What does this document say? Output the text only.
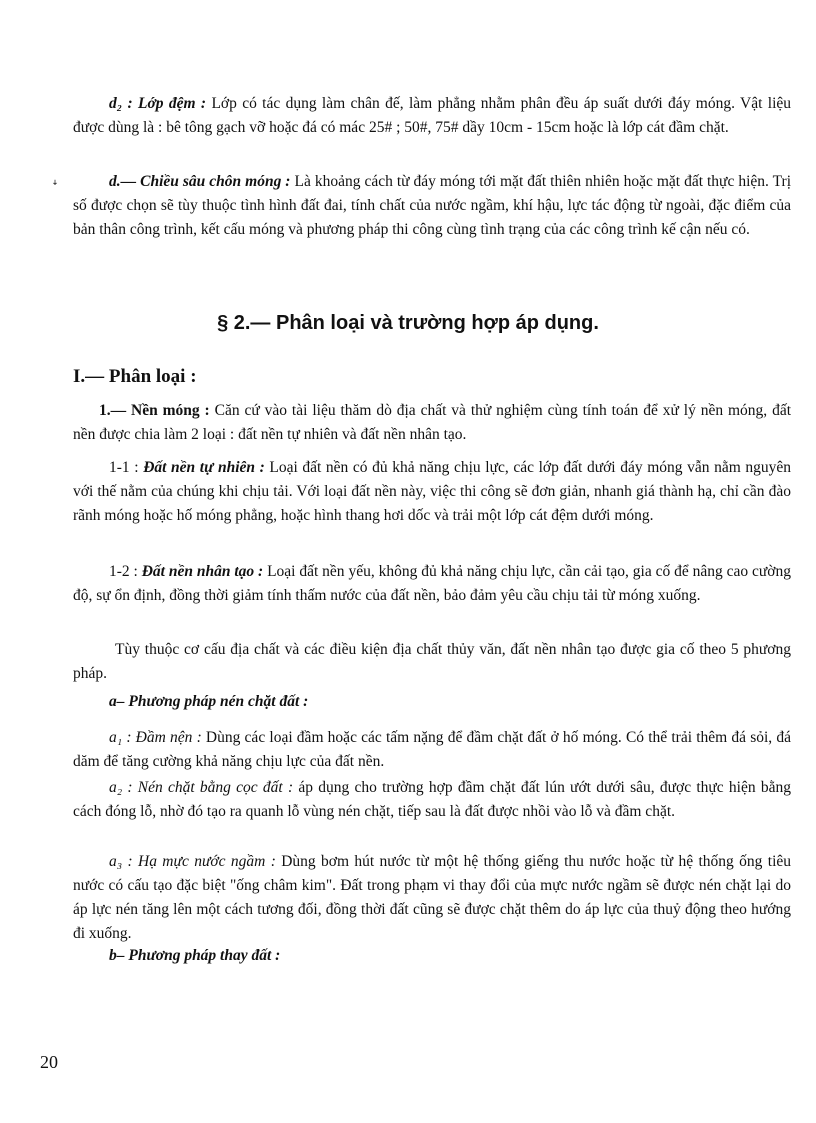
d₂ : Lớp đệm : Lớp có tác dụng làm chân đế, làm phẳng nhằm phân đều áp suất dưới đáy móng. Vật liệu được dùng là : bê tông gạch vỡ hoặc đá có mác 25# ; 50#, 75# dầy 10cm - 15cm hoặc là lớp cát đầm chặt.

ꜜ	d.— Chiều sâu chôn móng : Là khoảng cách từ đáy móng tới mặt đất thiên nhiên hoặc mặt đất thực hiện. Trị số được chọn sẽ tùy thuộc tình hình đất đai, tính chất của nước ngầm, khí hậu, lực tác động từ ngoài, đặc điểm của bản thân công trình, kết cấu móng và phương pháp thi công cùng tình trạng của các công trình kế cận nếu có.

§ 2.— Phân loại và trường hợp áp dụng.
I.— Phân loại :

1.— Nền móng : Căn cứ vào tài liệu thăm dò địa chất và thử nghiệm cùng tính toán để xử lý nền móng, đất nền được chia làm 2 loại : đất nền tự nhiên và đất nền nhân tạo.

1-1 : Đất nền tự nhiên : Loại đất nền có đủ khả năng chịu lực, các lớp đất dưới đáy móng vẫn nằm nguyên với thế nằm của chúng khi chịu tải. Với loại đất nền này, việc thi công sẽ đơn giản, nhanh giá thành hạ, chỉ cần đào rãnh móng hoặc hố móng phẳng, hoặc hình thang hơi dốc và trải một lớp cát đệm dưới móng.

1-2 : Đất nền nhân tạo : Loại đất nền yếu, không đủ khả năng chịu lực, cần cải tạo, gia cố để nâng cao cường độ, sự ổn định, đồng thời giảm tính thấm nước của đất nền, bảo đảm yêu cầu chịu tải từ móng xuống.

Tùy thuộc cơ cấu địa chất và các điều kiện địa chất thủy văn, đất nền nhân tạo được gia cố theo 5 phương pháp.

a– Phương pháp nén chặt đất :

a₁ : Đầm nện : Dùng các loại đầm hoặc các tấm nặng để đầm chặt đất ở hố móng. Có thể trải thêm đá sỏi, đá dăm để tăng cường khả năng chịu lực của đất nền.

a₂ : Nén chặt bằng cọc đất : áp dụng cho trường hợp đầm chặt đất lún ướt dưới sâu, được thực hiện bằng cách đóng lỗ, nhờ đó tạo ra quanh lỗ vùng nén chặt, tiếp sau là đất được nhồi vào lỗ và đầm chặt.

a₃ : Hạ mực nước ngầm : Dùng bơm hút nước từ một hệ thống giếng thu nước hoặc từ hệ thống ống tiêu nước có cấu tạo đặc biệt "ống châm kim". Đất trong phạm vi thay đổi của mực nước ngầm sẽ được nén chặt lại do áp lực nén tăng lên một cách tương đối, đồng thời đất cũng sẽ được chặt thêm do áp lực của thuỷ động theo hướng đi xuống.

b– Phương pháp thay đất :

20
